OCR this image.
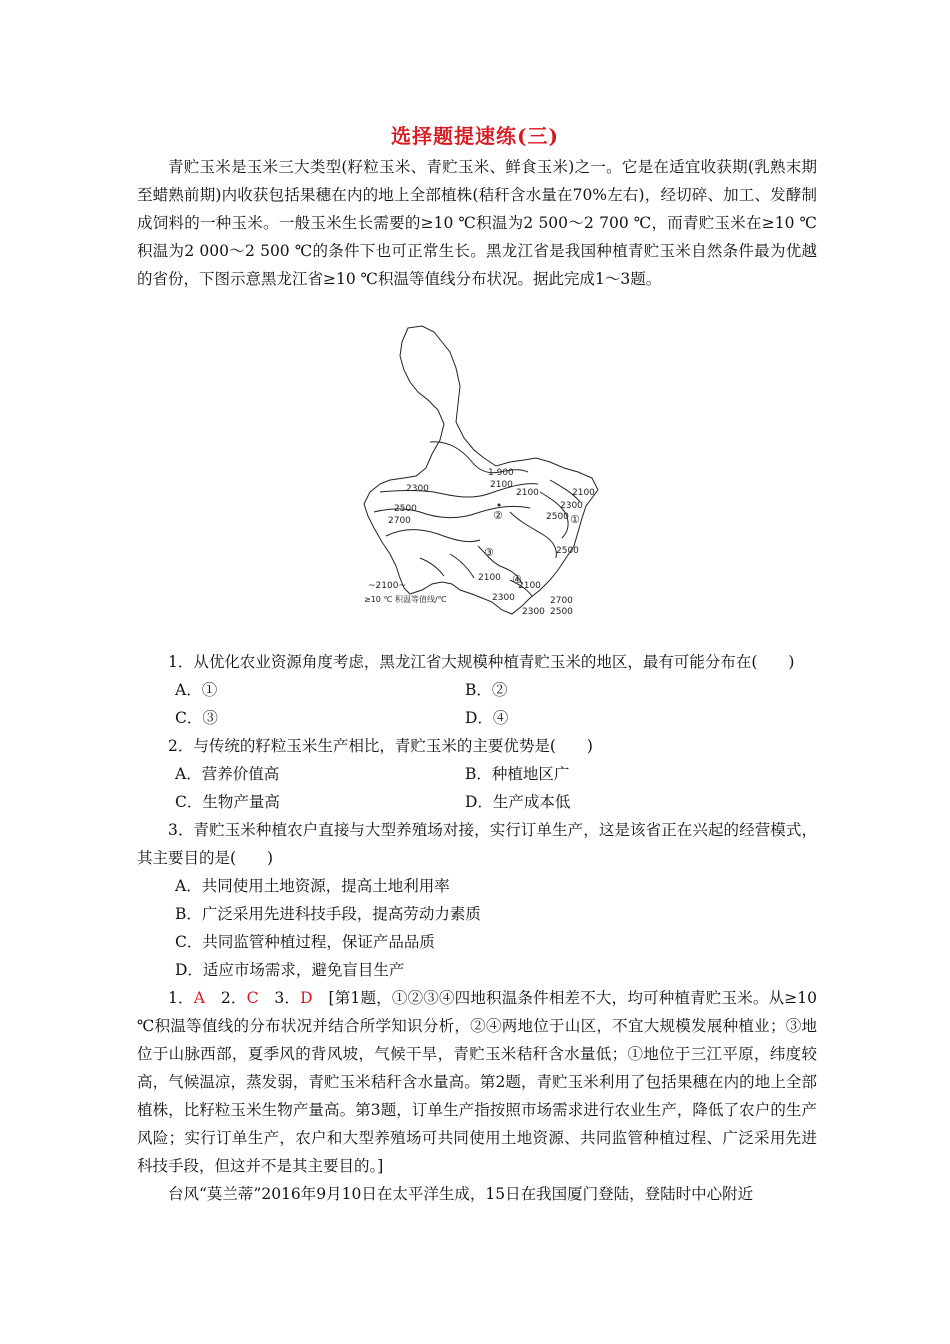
选择题提速练(三)

青贮玉米是玉米三大类型(籽粒玉米、青贮玉米、鲜食玉米)之一。它是在适宜收获期(乳熟末期至蜡熟前期)内收获包括果穗在内的地上全部植株(秸秆含水量在70%左右)，经切碎、加工、发酵制成饲料的一种玉米。一般玉米生长需要的≥10 ℃积温为2 500～2 700 ℃，而青贮玉米在≥10 ℃积温为2 000～2 500 ℃的条件下也可正常生长。黑龙江省是我国种植青贮玉米自然条件最为优越的省份，下图示意黑龙江省≥10 ℃积温等值线分布状况。据此完成1～3题。

1 900
2100
2100
2300
2500
2700
2100
2300
2500
2500
2100
2100
2300	2700
2300 2500
①
②
③
④
~2100~
≥10 ℃ 积温等值线/℃

1．从优化农业资源角度考虑，黑龙江省大规模种植青贮玉米的地区，最有可能分布在(　　)

A．①	B．②

C．③	D．④

2．与传统的籽粒玉米生产相比，青贮玉米的主要优势是(　　)

A．营养价值高	B．种植地区广

C．生物产量高	D．生产成本低

3．青贮玉米种植农户直接与大型养殖场对接，实行订单生产，这是该省正在兴起的经营模式，其主要目的是(　　)

A．共同使用土地资源，提高土地利用率

B．广泛采用先进科技手段，提高劳动力素质

C．共同监管种植过程，保证产品品质

D．适应市场需求，避免盲目生产

1．A　2．C　3．D　[第1题，①②③④四地积温条件相差不大，均可种植青贮玉米。从≥10 ℃积温等值线的分布状况并结合所学知识分析，②④两地位于山区，不宜大规模发展种植业；③地位于山脉西部，夏季风的背风坡，气候干旱，青贮玉米秸秆含水量低；①地位于三江平原，纬度较高，气候温凉，蒸发弱，青贮玉米秸秆含水量高。第2题，青贮玉米利用了包括果穗在内的地上全部植株，比籽粒玉米生物产量高。第3题，订单生产指按照市场需求进行农业生产，降低了农户的生产风险；实行订单生产，农户和大型养殖场可共同使用土地资源、共同监管种植过程、广泛采用先进科技手段，但这并不是其主要目的。]

台风“莫兰蒂”2016年9月10日在太平洋生成，15日在我国厦门登陆，登陆时中心附近
